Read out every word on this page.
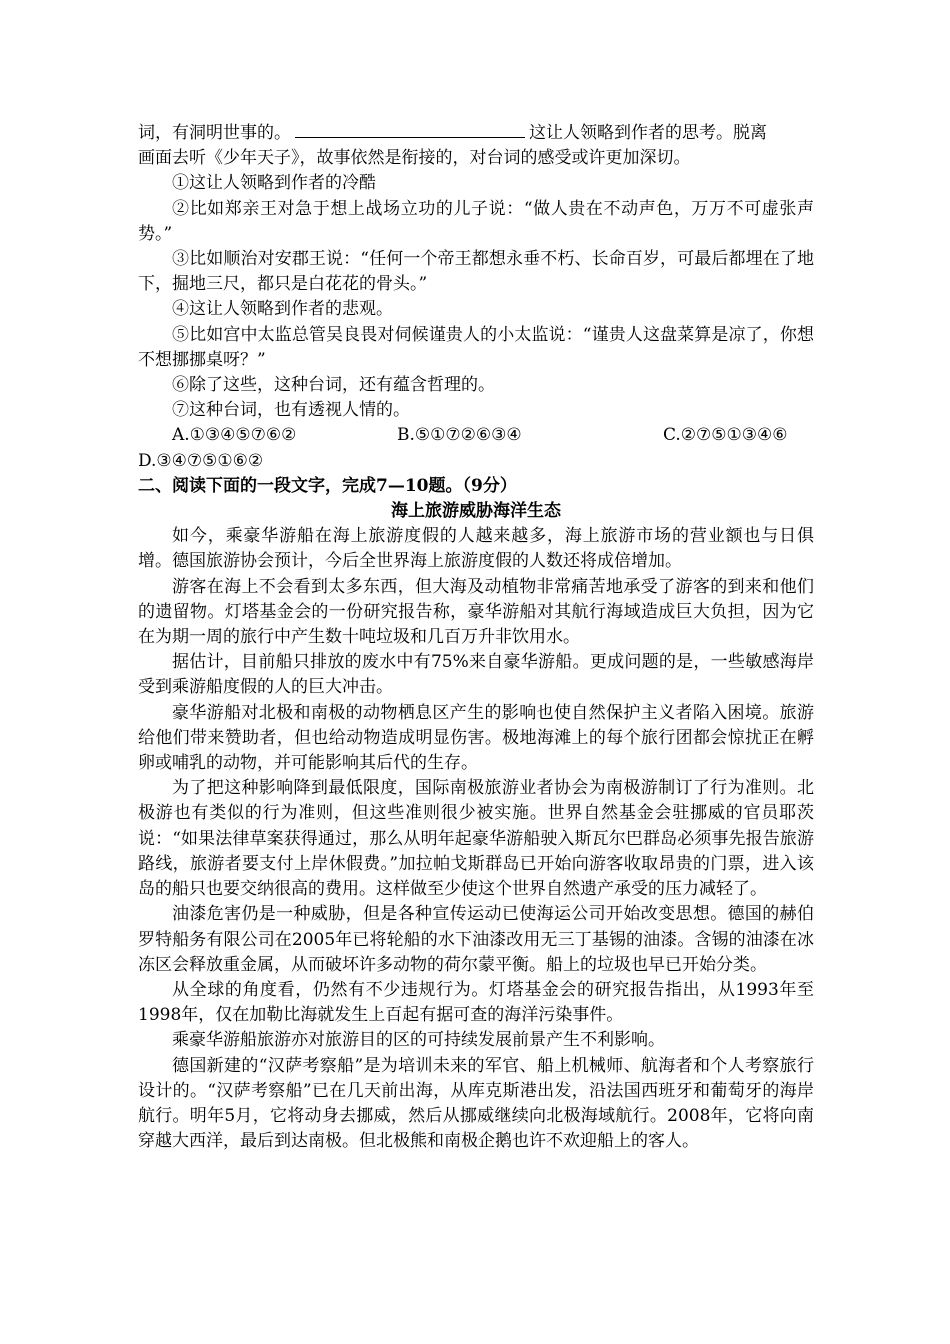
词，有洞明世事的。	这让人领略到作者的思考。脱离
画面去听《少年天子》，故事依然是衔接的，对台词的感受或许更加深切。
①这让人领略到作者的冷酷
②比如郑亲王对急于想上战场立功的儿子说：“做人贵在不动声色，万万不可虚张声势。”
③比如顺治对安郡王说：“任何一个帝王都想永垂不朽、长命百岁，可最后都埋在了地下，掘地三尺，都只是白花花的骨头。”
④这让人领略到作者的悲观。
⑤比如宫中太监总管吴良畏对伺候谨贵人的小太监说：“谨贵人这盘菜算是凉了，你想不想挪挪桌呀？”
⑥除了这些，这种台词，还有蕴含哲理的。
⑦这种台词，也有透视人情的。
A.①③④⑤⑦⑥②	B.⑤①⑦②⑥③④	C.②⑦⑤①③④⑥
D.③④⑦⑤①⑥②
二、阅读下面的一段文字，完成7—10题。（9分）
海上旅游威胁海洋生态
如今，乘豪华游船在海上旅游度假的人越来越多，海上旅游市场的营业额也与日俱增。德国旅游协会预计，今后全世界海上旅游度假的人数还将成倍增加。
游客在海上不会看到太多东西，但大海及动植物非常痛苦地承受了游客的到来和他们的遗留物。灯塔基金会的一份研究报告称，豪华游船对其航行海域造成巨大负担，因为它在为期一周的旅行中产生数十吨垃圾和几百万升非饮用水。
据估计，目前船只排放的废水中有75%来自豪华游船。更成问题的是，一些敏感海岸受到乘游船度假的人的巨大冲击。
豪华游船对北极和南极的动物栖息区产生的影响也使自然保护主义者陷入困境。旅游给他们带来赞助者，但也给动物造成明显伤害。极地海滩上的每个旅行团都会惊扰正在孵卵或哺乳的动物，并可能影响其后代的生存。
为了把这种影响降到最低限度，国际南极旅游业者协会为南极游制订了行为准则。北极游也有类似的行为准则，但这些准则很少被实施。世界自然基金会驻挪威的官员耶茨说：“如果法律草案获得通过，那么从明年起豪华游船驶入斯瓦尔巴群岛必须事先报告旅游路线，旅游者要支付上岸休假费。”加拉帕戈斯群岛已开始向游客收取昂贵的门票，进入该岛的船只也要交纳很高的费用。这样做至少使这个世界自然遗产承受的压力减轻了。
油漆危害仍是一种威胁，但是各种宣传运动已使海运公司开始改变思想。德国的赫伯罗特船务有限公司在2005年已将轮船的水下油漆改用无三丁基锡的油漆。含锡的油漆在冰冻区会释放重金属，从而破坏许多动物的荷尔蒙平衡。船上的垃圾也早已开始分类。
从全球的角度看，仍然有不少违规行为。灯塔基金会的研究报告指出，从1993年至1998年，仅在加勒比海就发生上百起有据可查的海洋污染事件。
乘豪华游船旅游亦对旅游目的区的可持续发展前景产生不利影响。
德国新建的“汉萨考察船”是为培训未来的军官、船上机械师、航海者和个人考察旅行设计的。“汉萨考察船”已在几天前出海，从库克斯港出发，沿法国西班牙和葡萄牙的海岸航行。明年5月，它将动身去挪威，然后从挪威继续向北极海域航行。2008年，它将向南穿越大西洋，最后到达南极。但北极熊和南极企鹅也许不欢迎船上的客人。
